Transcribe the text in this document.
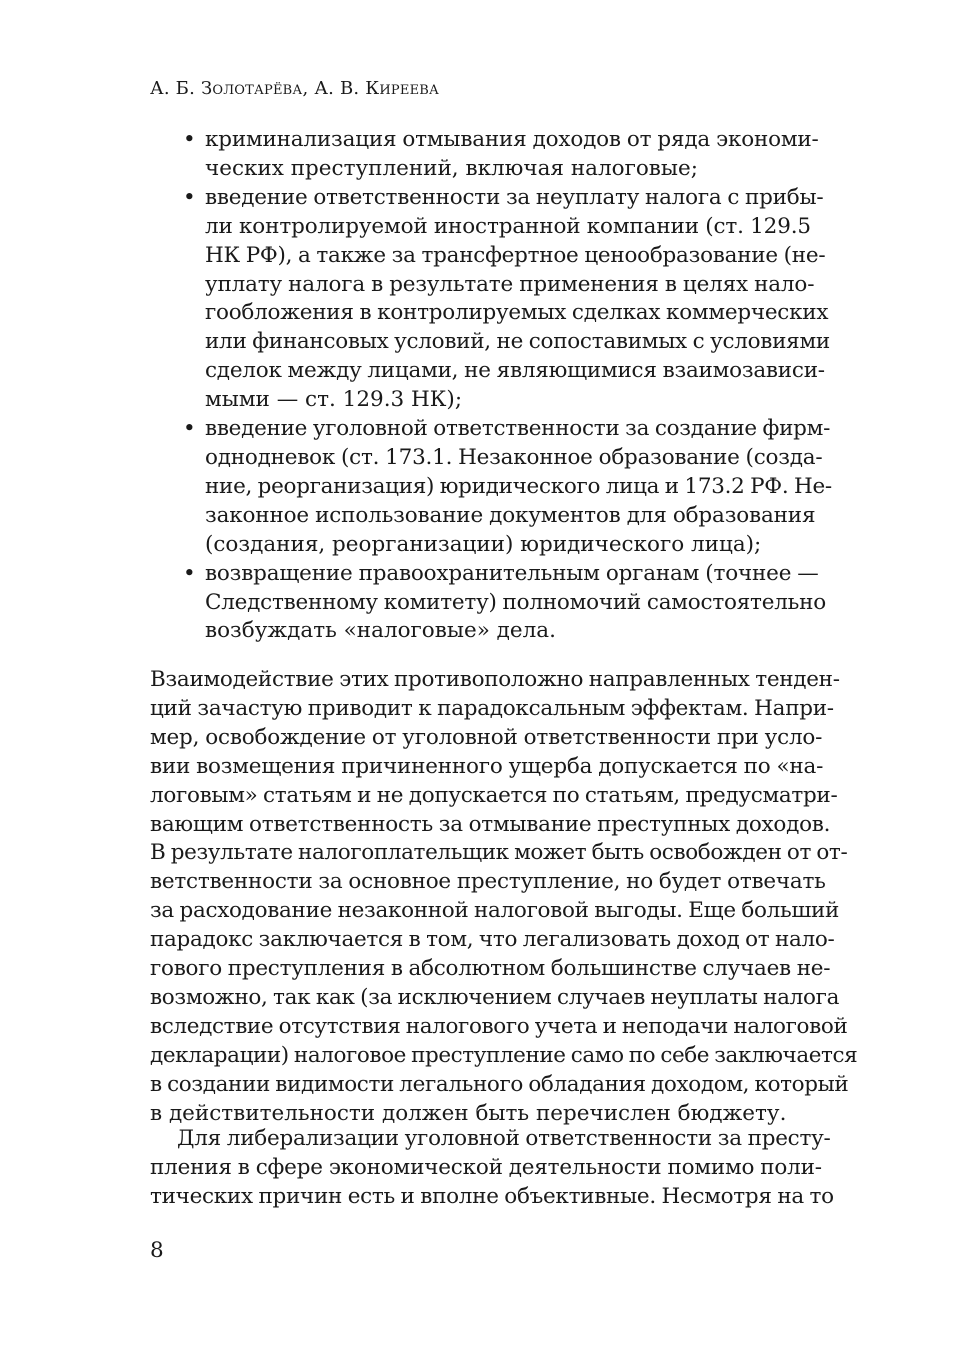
А. Б. Золотарёва, А. В. Киреева
• криминализация отмывания доходов от ряда экономи-
ческих преступлений, включая налоговые;
• введение ответственности за неуплату налога с прибы-
ли контролируемой иностранной компании (ст. 129.5
НК РФ), а также за трансфертное ценообразование (не-
уплату налога в результате применения в целях нало-
гообложения в контролируемых сделках коммерческих
или финансовых условий, не сопоставимых с условиями
сделок между лицами, не являющимися взаимозависи-
мыми — ст. 129.3 НК);
• введение уголовной ответственности за создание фирм-
однодневок (ст. 173.1. Незаконное образование (созда-
ние, реорганизация) юридического лица и 173.2 РФ. Не-
законное использование документов для образования
(создания, реорганизации) юридического лица);
• возвращение правоохранительным органам (точнее —
Следственному комитету) полномочий самостоятельно
возбуждать «налоговые» дела.
Взаимодействие этих противоположно направленных тенден-
ций зачастую приводит к парадоксальным эффектам. Напри-
мер, освобождение от уголовной ответственности при усло-
вии возмещения причиненного ущерба допускается по «на-
логовым» статьям и не допускается по статьям, предусматри-
вающим ответственность за отмывание преступных доходов.
В результате налогоплательщик может быть освобожден от от-
ветственности за основное преступление, но будет отвечать
за расходование незаконной налоговой выгоды. Еще больший
парадокс заключается в том, что легализовать доход от нало-
гового преступления в абсолютном большинстве случаев не-
возможно, так как (за исключением случаев неуплаты налога
вследствие отсутствия налогового учета и неподачи налоговой
декларации) налоговое преступление само по себе заключается
в создании видимости легального обладания доходом, который
в действительности должен быть перечислен бюджету.
Для либерализации уголовной ответственности за престу-
пления в сфере экономической деятельности помимо поли-
тических причин есть и вполне объективные. Несмотря на то
8
